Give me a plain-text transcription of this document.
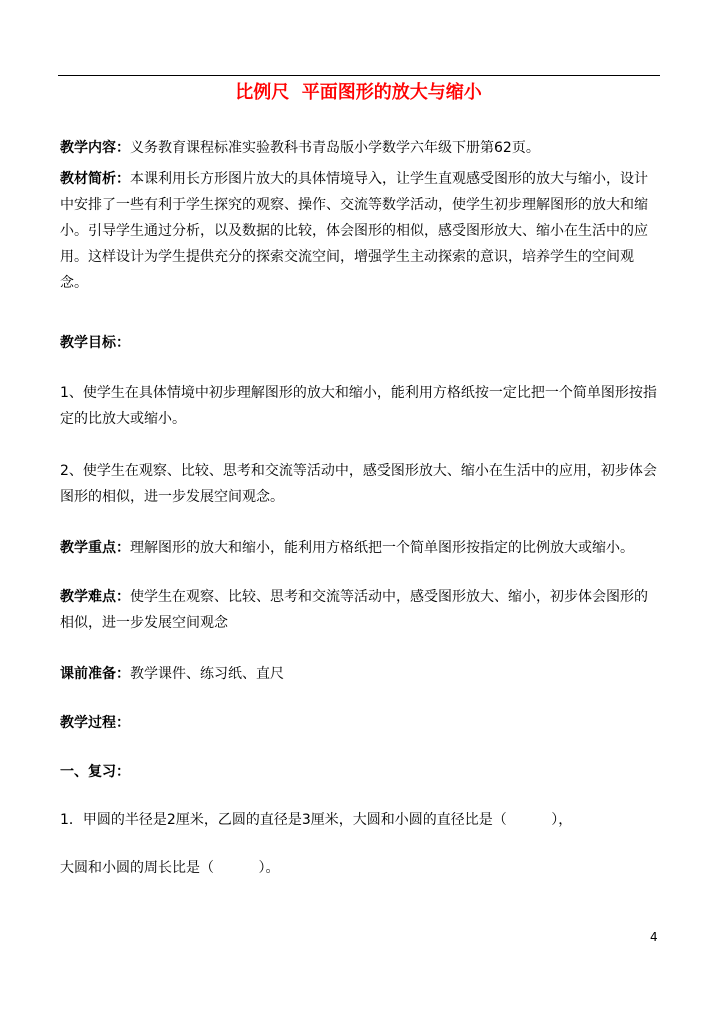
比例尺  平面图形的放大与缩小

教学内容：义务教育课程标准实验教科书青岛版小学数学六年级下册第62页。

教材简析：本课利用长方形图片放大的具体情境导入，让学生直观感受图形的放大与缩小，设计中安排了一些有利于学生探究的观察、操作、交流等数学活动，使学生初步理解图形的放大和缩小。引导学生通过分析，以及数据的比较，体会图形的相似，感受图形放大、缩小在生活中的应用。这样设计为学生提供充分的探索交流空间，增强学生主动探索的意识，培养学生的空间观念。

教学目标：

1、使学生在具体情境中初步理解图形的放大和缩小，能利用方格纸按一定比把一个简单图形按指定的比放大或缩小。

2、使学生在观察、比较、思考和交流等活动中，感受图形放大、缩小在生活中的应用，初步体会图形的相似，进一步发展空间观念。

教学重点：理解图形的放大和缩小，能利用方格纸把一个简单图形按指定的比例放大或缩小。

教学难点：使学生在观察、比较、思考和交流等活动中，感受图形放大、缩小，初步体会图形的相似，进一步发展空间观念

课前准备：教学课件、练习纸、直尺

教学过程：

一、复习：

1．甲圆的半径是2厘米，乙圆的直径是3厘米，大圆和小圆的直径比是（	），

大圆和小圆的周长比是（	）。

4
